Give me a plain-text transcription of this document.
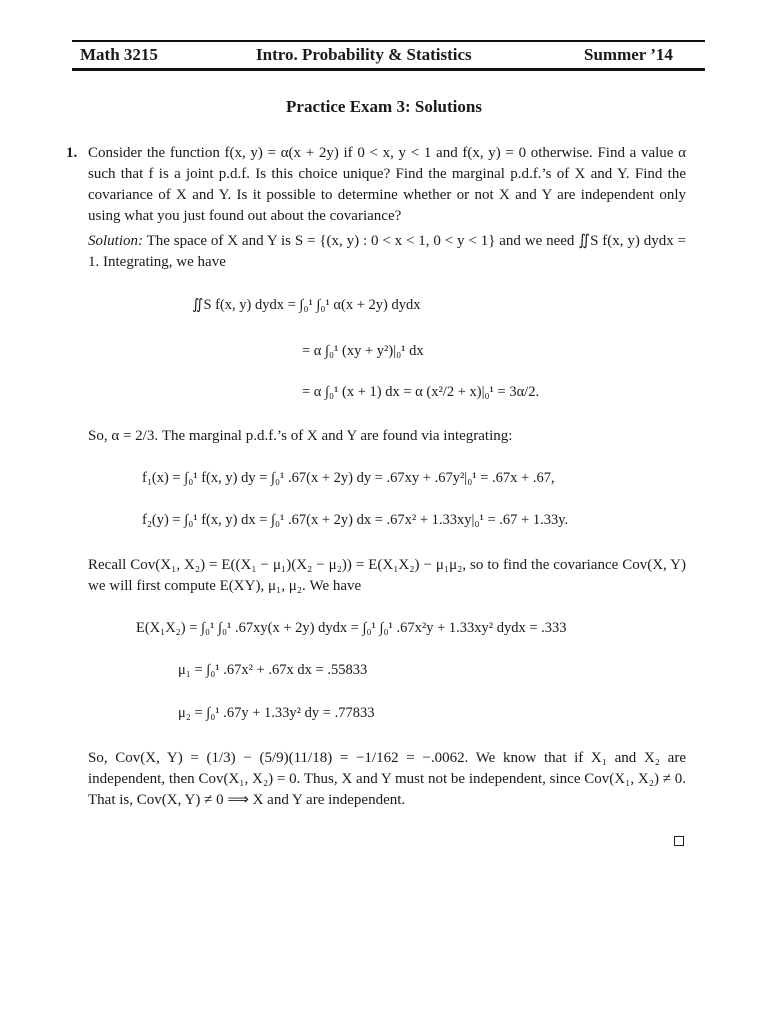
Math 3215	Intro. Probability & Statistics	Summer ’14
Practice Exam 3: Solutions
1. Consider the function f(x, y) = α(x + 2y) if 0 < x, y < 1 and f(x, y) = 0 otherwise. Find a value α such that f is a joint p.d.f. Is this choice unique? Find the marginal p.d.f.’s of X and Y. Find the covariance of X and Y. Is it possible to determine whether or not X and Y are independent only using what you just found out about the covariance?
Solution: The space of X and Y is S = {(x, y) : 0 < x < 1, 0 < y < 1} and we need ∬S f(x, y) dydx = 1. Integrating, we have
∬S f(x, y) dydx = ∫₀¹ ∫₀¹ α(x + 2y) dydx
= α ∫₀¹ (xy + y²)|₀¹ dx
= α ∫₀¹ (x + 1) dx = α (x²/2 + x)|₀¹ = 3α/2.
So, α = 2/3. The marginal p.d.f.’s of X and Y are found via integrating:
f₁(x) = ∫₀¹ f(x, y) dy = ∫₀¹ .67(x + 2y) dy = .67xy + .67y²|₀¹ = .67x + .67,
f₂(y) = ∫₀¹ f(x, y) dx = ∫₀¹ .67(x + 2y) dx = .67x² + 1.33xy|₀¹ = .67 + 1.33y.
Recall Cov(X₁, X₂) = E((X₁ − μ₁)(X₂ − μ₂)) = E(X₁X₂) − μ₁μ₂, so to find the covariance Cov(X, Y) we will first compute E(XY), μ₁, μ₂. We have
E(X₁X₂) = ∫₀¹ ∫₀¹ .67xy(x + 2y) dydx = ∫₀¹ ∫₀¹ .67x²y + 1.33xy² dydx = .333
μ₁ = ∫₀¹ .67x² + .67x dx = .55833
μ₂ = ∫₀¹ .67y + 1.33y² dy = .77833
So, Cov(X, Y) = (1/3) − (5/9)(11/18) = −1/162 = −.0062. We know that if X₁ and X₂ are independent, then Cov(X₁, X₂) = 0. Thus, X and Y must not be independent, since Cov(X₁, X₂) ≠ 0. That is, Cov(X, Y) ≠ 0 ⟹ X and Y are independent.
